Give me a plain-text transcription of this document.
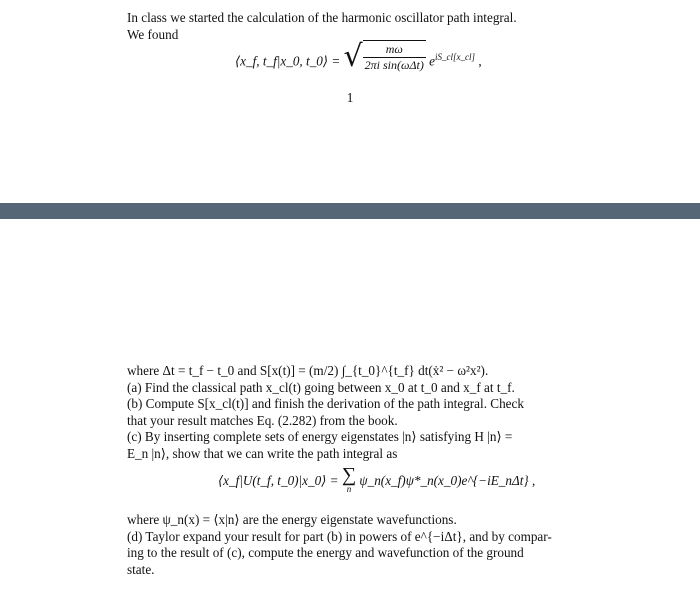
In class we started the calculation of the harmonic oscillator path integral.
We found
⟨x_f, t_f|x_0, t_0⟩ = √ $\frac{m\omega}{\text{2πi sin(ωΔt)}} e^{iS\_cl[x\_cl]}$ ,
1
where Δt = t_f − t_0 and S[x(t)] = (m/2) ∫_{t_0}^{t_f} dt(ẋ² − ω²x²).
(a) Find the classical path x_cl(t) going between x_0 at t_0 and x_f at t_f.
(b) Compute S[x_cl(t)] and finish the derivation of the path integral. Check
that your result matches Eq. (2.282) from the book.
(c) By inserting complete sets of energy eigenstates |n⟩ satisfying H |n⟩ =
E_n |n⟩, show that we can write the path integral as
⟨x_f|U(t_f, t_0)|x_0⟩ = ∑
n
ψ_n(x_f)ψ*_n(x_0)e^{−iE_nΔt} ,
where ψ_n(x) = ⟨x|n⟩ are the energy eigenstate wavefunctions.
(d) Taylor expand your result for part (b) in powers of e^{−iΔt}, and by compar-
ing to the result of (c), compute the energy and wavefunction of the ground
state.
